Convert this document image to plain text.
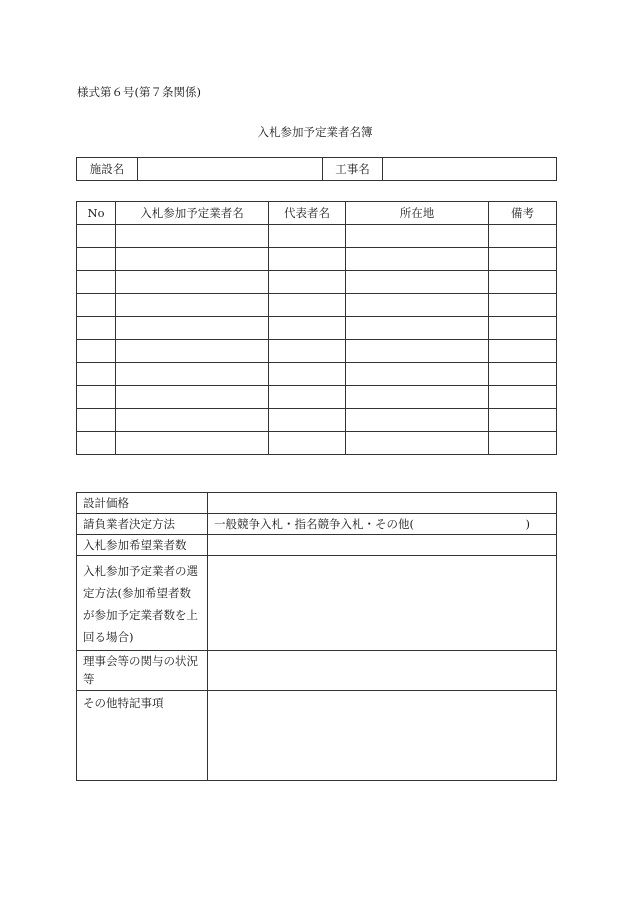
様式第６号(第７条関係)
入札参加予定業者名簿
施設名		工事名	
No	入札参加予定業者名	代表者名	所在地	備考

設計価格	
請負業者決定方法	一般競争入札・指名競争入札・その他( )

入札参加希望業者数	
入札参加予定業者の選定方法(参加希望者数が参加予定業者数を上回る場合)	
理事会等の関与の状況等	
その他特記事項	
